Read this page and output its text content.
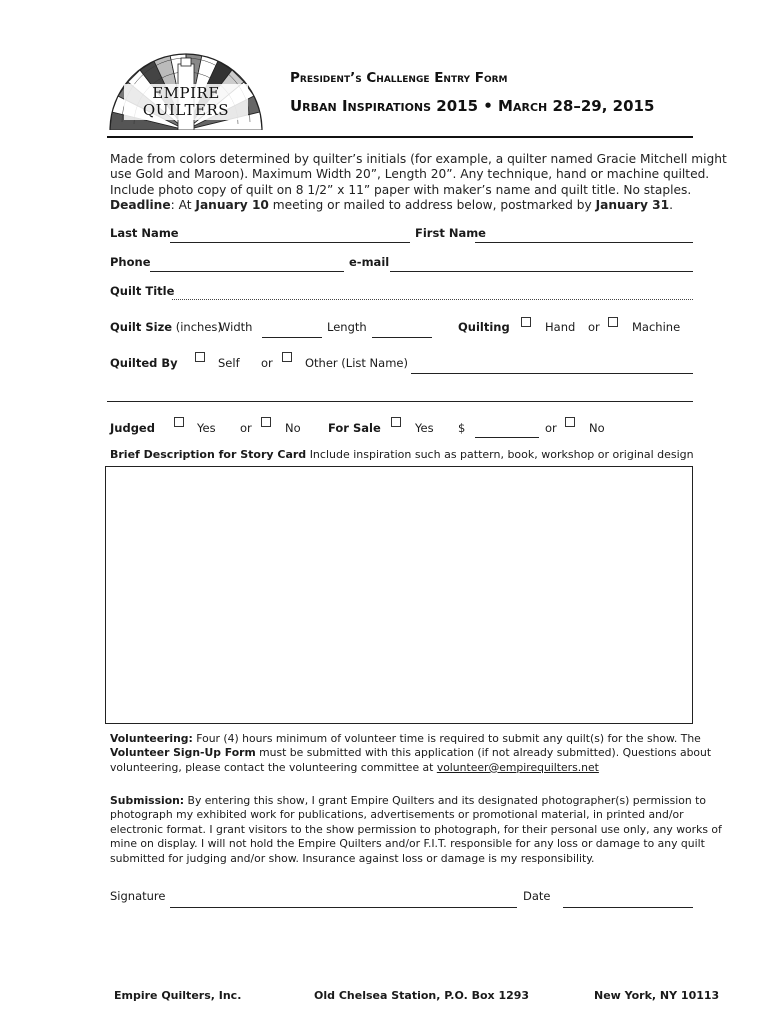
EMPIRE
QUILTERS
President’s Challenge Entry Form
Urban Inspirations 2015 • March 28–29, 2015

Made from colors determined by quilter’s initials (for example, a quilter named Gracie Mitchell might

use Gold and Maroon). Maximum Width 20”, Length 20”. Any technique, hand or machine quilted.

Include photo copy of quilt on 8 1/2” x 11” paper with maker’s name and quilt title. No staples.

Deadline: At January 10 meeting or mailed to address below, postmarked by January 31.

Last Name	First Name
Phone	e-mail
Quilt Title
Quilt Size (inches)
Width	Length	Quilting	Hand or	Machine
Quilted By	Self or	Other (List Name)
Judged	Yes or	No For Sale	Yes $	or	No
Brief Description for Story Card Include inspiration such as pattern, book, workshop or original design

Volunteering: Four (4) hours minimum of volunteer time is required to submit any quilt(s) for the show. The

Volunteer Sign-Up Form must be submitted with this application (if not already submitted). Questions about

volunteering, please contact the volunteering committee at volunteer@empirequilters.net

Submission: By entering this show, I grant Empire Quilters and its designated photographer(s) permission to

photograph my exhibited work for publications, advertisements or promotional material, in printed and/or

electronic format. I grant visitors to the show permission to photograph, for their personal use only, any works of

mine on display. I will not hold the Empire Quilters and/or F.I.T. responsible for any loss or damage to any quilt

submitted for judging and/or show. Insurance against loss or damage is my responsibility.

Signature	Date
Empire Quilters, Inc.	Old Chelsea Station, P.O. Box 1293	New York, NY 10113
